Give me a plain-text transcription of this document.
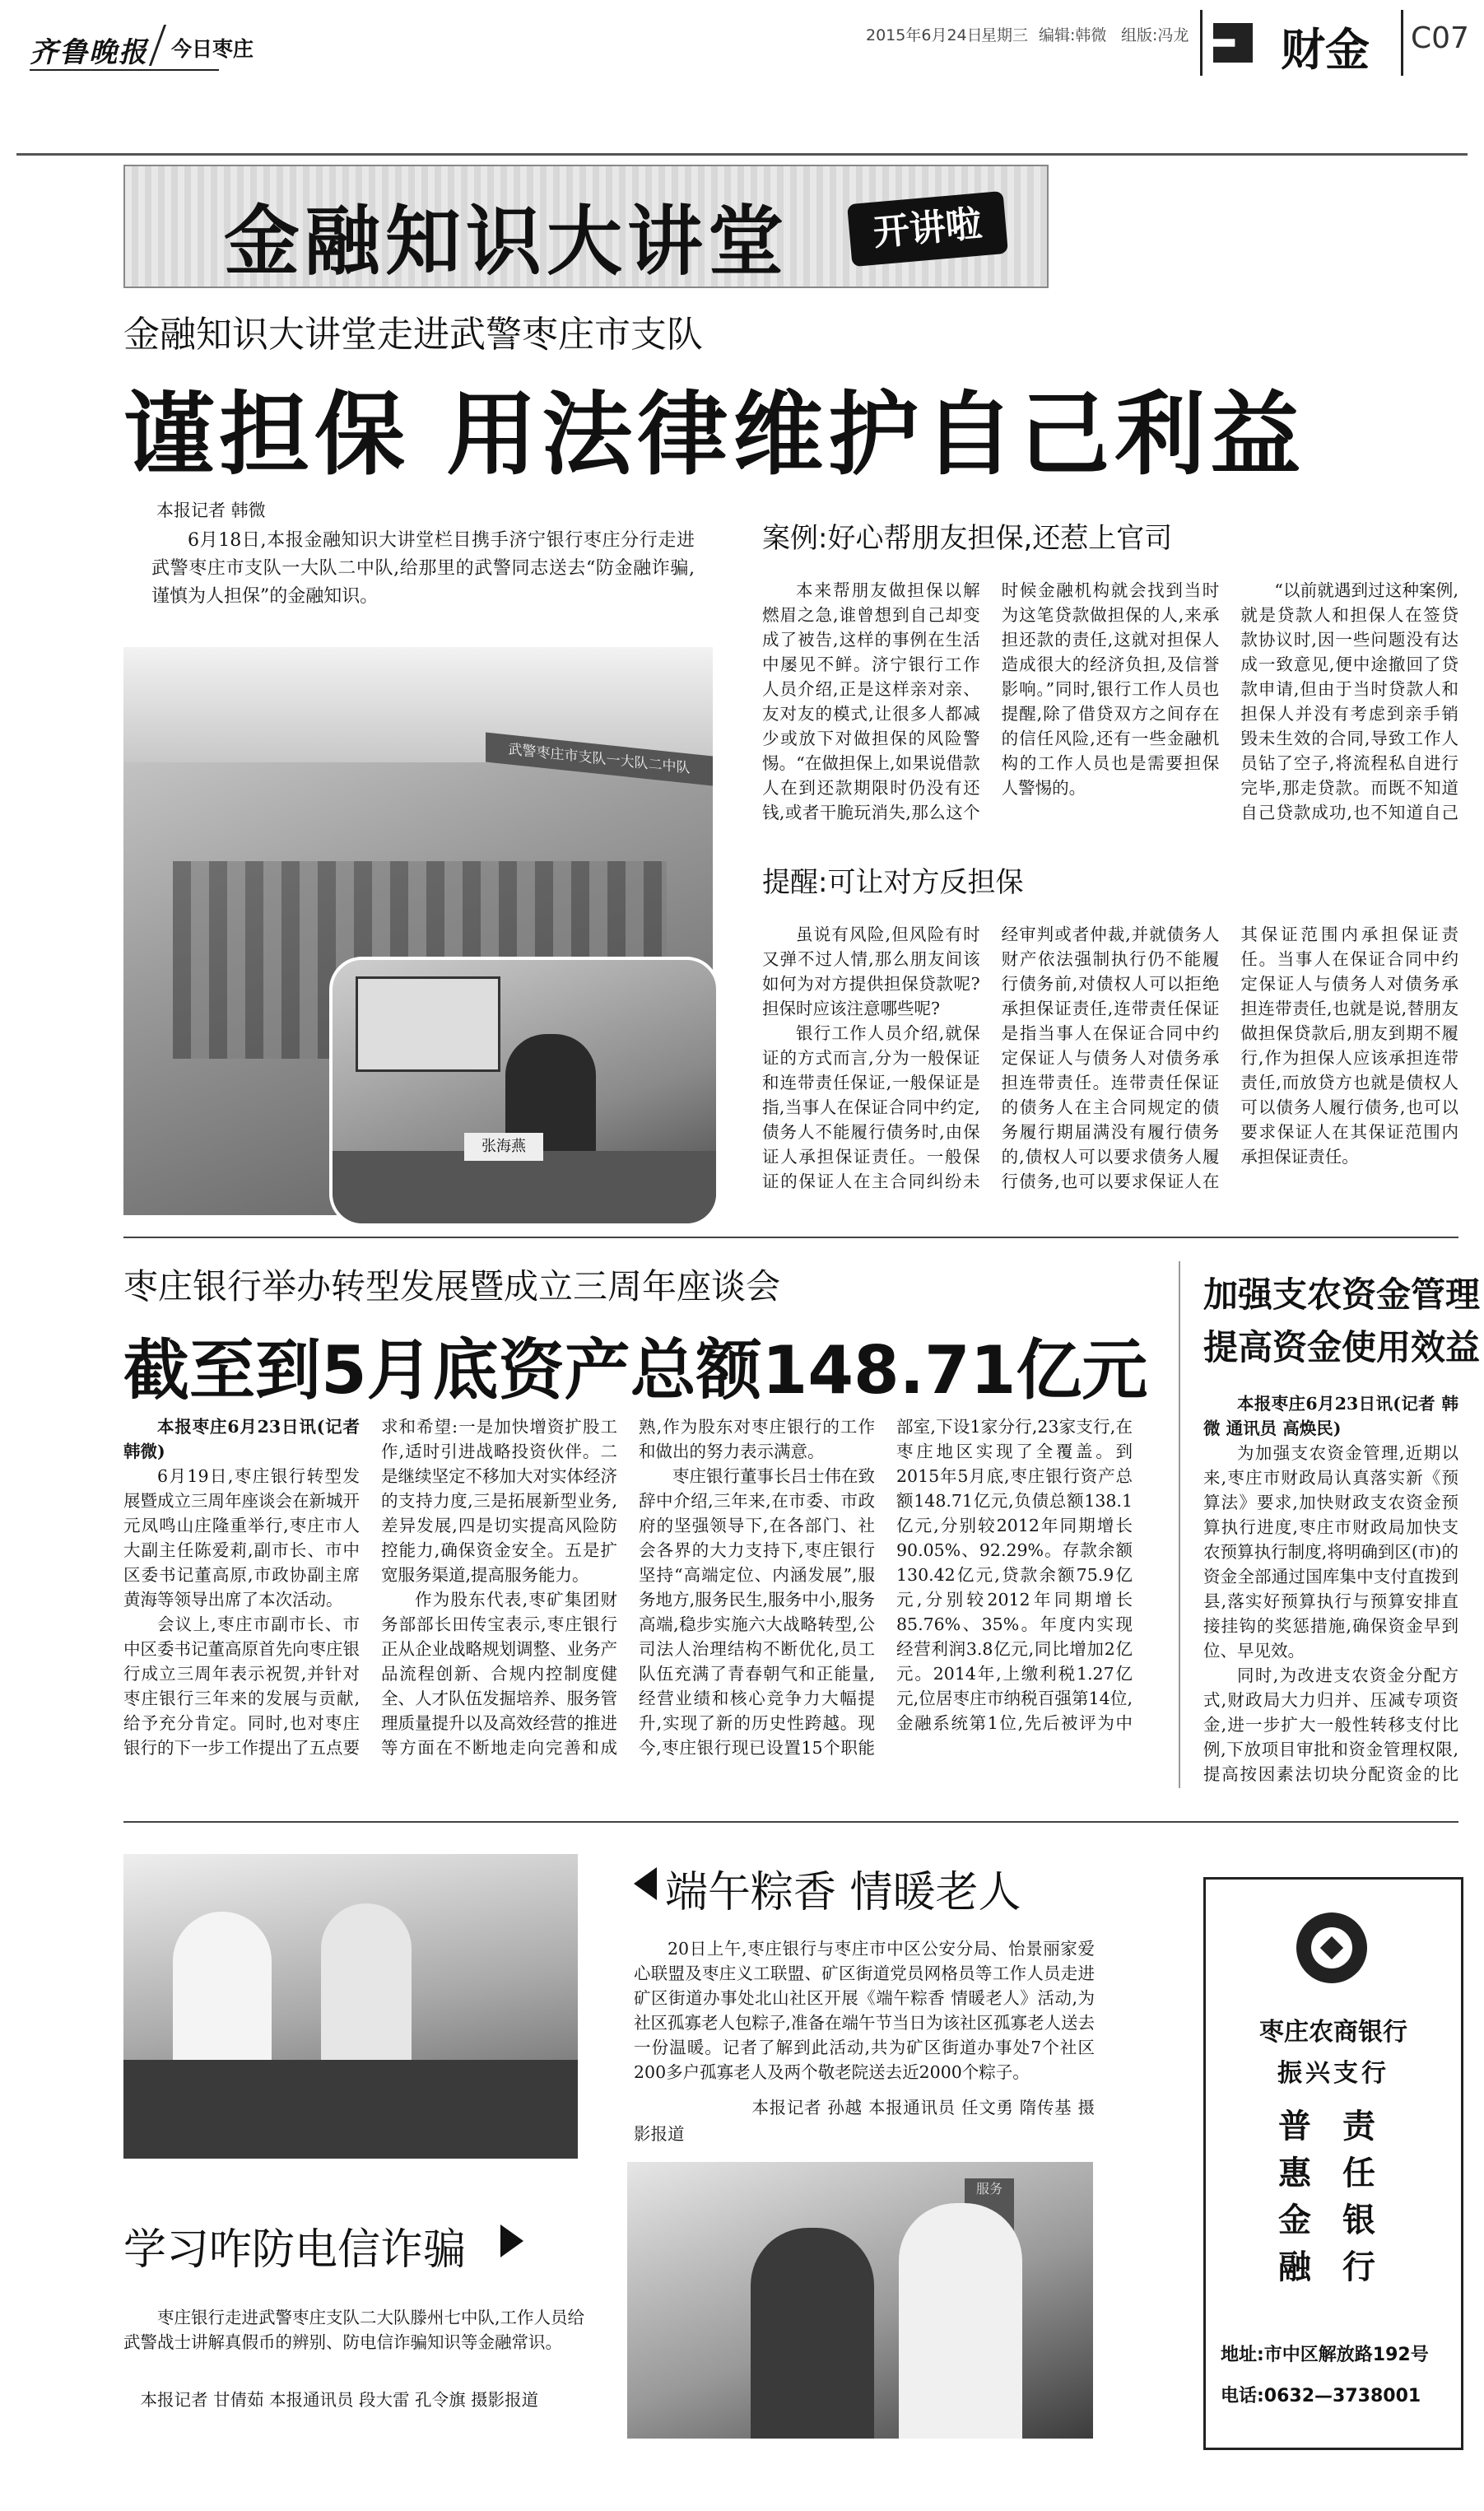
齐鲁晚报 今日枣庄
2015年6月24日
星期三 编辑:韩微 组版:冯龙 财金 C07
金融知识大讲堂	开讲啦
金融知识大讲堂走进武警枣庄市支队
谨担保 用法律维护自己利益
本报记者 韩微

6月18日,本报金融知识大讲堂栏目携手济宁银行枣庄分行走进武警枣庄市支队一大队二中队,给那里的武警同志送去“防金融诈骗,谨慎为人担保”的金融知识。

武警枣庄市支队一大队二中队
张海燕
案例:好心帮朋友担保,还惹上官司

本来帮朋友做担保以解燃眉之急,谁曾想到自己却变成了被告,这样的事例在生活中屡见不鲜。济宁银行工作人员介绍,正是这样亲对亲、友对友的模式,让很多人都减少或放下对做担保的风险警惕。“在做担保上,如果说借款人在到还款期限时仍没有还钱,或者干脆玩消失,那么这个时候金融机构就会找到当时为这笔贷款做担保的人,来承担还款的责任,这就对担保人造成很大的经济负担,及信誉影响。”同时,银行工作人员也提醒,除了借贷双方之间存在的信任风险,还有一些金融机构的工作人员也是需要担保人警惕的。

“以前就遇到过这种案例,就是贷款人和担保人在签贷款协议时,因一些问题没有达成一致意见,便中途撤回了贷款申请,但由于当时贷款人和担保人并没有考虑到亲手销毁未生效的合同,导致工作人员钻了空子,将流程私自进行完毕,那走贷款。而既不知道自己贷款成功,也不知道自己

提醒:可让对方反担保

虽说有风险,但风险有时又弹不过人情,那么朋友间该如何为对方提供担保贷款呢?担保时应该注意哪些呢?

银行工作人员介绍,就保证的方式而言,分为一般保证和连带责任保证,一般保证是指,当事人在保证合同中约定,债务人不能履行债务时,由保证人承担保证责任。一般保证的保证人在主合同纠纷未经审判或者仲裁,并就债务人财产依法强制执行仍不能履行债务前,对债权人可以拒绝承担保证责任,连带责任保证是指当事人在保证合同中约定保证人与债务人对债务承担连带责任。连带责任保证的债务人在主合同规定的债务履行期届满没有履行债务的,债权人可以要求债务人履行债务,也可以要求保证人在其保证范围内承担保证责任。当事人在保证合同中约定保证人与债务人对债务承担连带责任,也就是说,替朋友做担保贷款后,朋友到期不履行,作为担保人应该承担连带责任,而放贷方也就是债权人可以债务人履行债务,也可以要求保证人在其保证范围内承担保证责任。

枣庄银行举办转型发展暨成立三周年座谈会
截至到5月底资产总额148.71亿元

本报枣庄6月23日讯(记者 韩微)

6月19日,枣庄银行转型发展暨成立三周年座谈会在新城开元凤鸣山庄隆重举行,枣庄市人大副主任陈爱莉,副市长、市中区委书记董高原,市政协副主席黄海等领导出席了本次活动。

会议上,枣庄市副市长、市中区委书记董高原首先向枣庄银行成立三周年表示祝贺,并针对枣庄银行三年来的发展与贡献,给予充分肯定。同时,也对枣庄银行的下一步工作提出了五点要求和希望:一是加快增资扩股工作,适时引进战略投资伙伴。二是继续坚定不移加大对实体经济的支持力度,三是拓展新型业务,差异发展,四是切实提高风险防控能力,确保资金安全。五是扩宽服务渠道,提高服务能力。

作为股东代表,枣矿集团财务部部长田传宝表示,枣庄银行正从企业战略规划调整、业务产品流程创新、合规内控制度健全、人才队伍发掘培养、服务管理质量提升以及高效经营的推进等方面在不断地走向完善和成熟,作为股东对枣庄银行的工作和做出的努力表示满意。

枣庄银行董事长吕士伟在致辞中介绍,三年来,在市委、市政府的坚强领导下,在各部门、社会各界的大力支持下,枣庄银行坚持“高端定位、内涵发展”,服务地方,服务民生,服务中小,服务高端,稳步实施六大战略转型,公司法人治理结构不断优化,员工队伍充满了青春朝气和正能量,经营业绩和核心竞争力大幅提升,实现了新的历史性跨越。现今,枣庄银行现已设置15个职能部室,下设1家分行,23家支行,在枣庄地区实现了全覆盖。到2015年5月底,枣庄银行资产总额148.71亿元,负债总额138.1亿元,分别较2012年同期增长90.05%、92.29%。存款余额130.42亿元,贷款余额75.9亿元,分别较2012年同期增长85.76%、35%。年度内实现经营利润3.8亿元,同比增加2亿元。2014年,上缴利税1.27亿元,位居枣庄市纳税百强第14位,金融系统第1位,先后被评为中

加强支农资金管理
提高资金使用效益

本报枣庄6月23日讯(记者 韩微 通讯员 高焕民)

为加强支农资金管理,近期以来,枣庄市财政局认真落实新《预算法》要求,加快财政支农资金预算执行进度,枣庄市财政局加快支农预算执行制度,将明确到区(市)的资金全部通过国库集中支付直拨到县,落实好预算执行与预算安排直接挂钩的奖惩措施,确保资金早到位、早见效。

同时,为改进支农资金分配方式,财政局大力归并、压减专项资金,进一步扩大一般性转移支付比例,下放项目审批和资金管理权限,提高按因素法切块分配资金的比

端午粽香 情暖老人

20日上午,枣庄银行与枣庄市中区公安分局、怡景丽家爱心联盟及枣庄义工联盟、矿区街道党员网格员等工作人员走进矿区街道办事处北山社区开展《端午粽香 情暖老人》活动,为社区孤寡老人包粽子,准备在端午节当日为该社区孤寡老人送去一份温暖。记者了解到此活动,共为矿区街道办事处7个社区200多户孤寡老人及两个敬老院送去近2000个粽子。

本报记者 孙越 本报通讯员 任文勇 隋传基 摄影报道

学习咋防电信诈骗

枣庄银行走进武警枣庄支队二大队滕州七中队,工作人员给武警战士讲解真假币的辨别、防电信诈骗知识等金融常识。

本报记者 甘倩茹 本报通讯员 段大雷 孔令旗 摄影报道

服务
枣庄农商银行
振兴支行
普
惠
金
融
责
任
银
行
地址:市中区解放路192号
电话:0632—3738001
